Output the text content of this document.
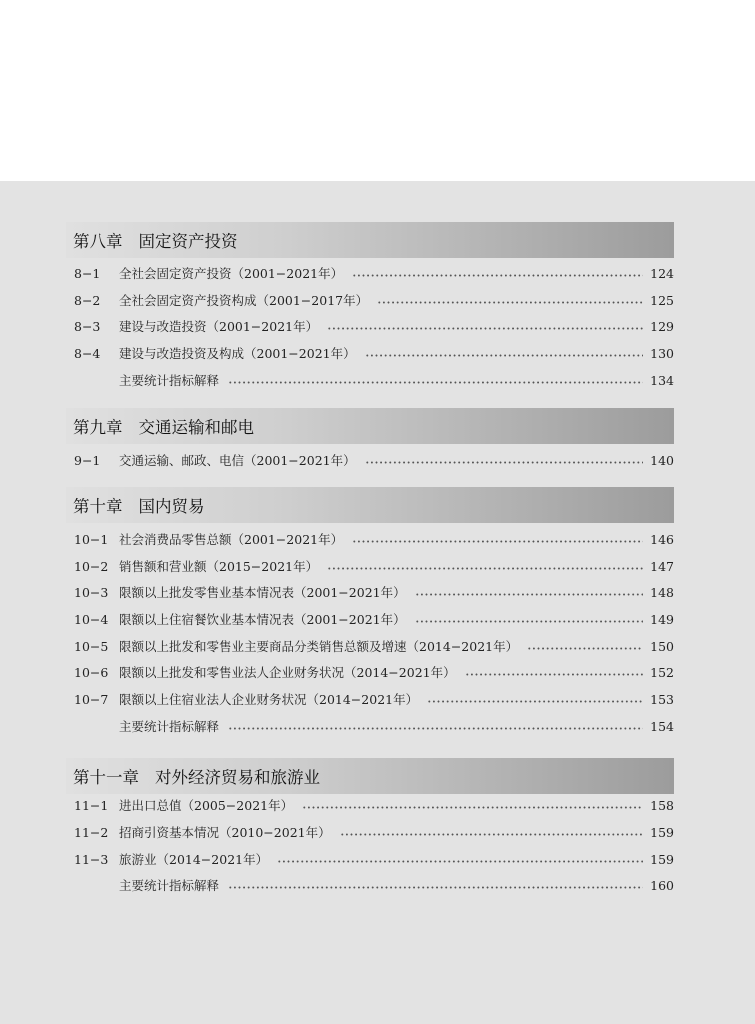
第八章 固定资产投资
8−1	全社会固定资产投资（2001−2021年）	124
8−2	全社会固定资产投资构成（2001−2017年）	125
8−3	建设与改造投资（2001−2021年）	129
8−4	建设与改造投资及构成（2001−2021年）	130
主要统计指标解释	134
第九章 交通运输和邮电
9−1	交通运输、邮政、电信（2001−2021年）	140
第十章 国内贸易
10−1 社会消费品零售总额（2001−2021年）	146
10−2 销售额和营业额（2015−2021年）	147
10−3 限额以上批发零售业基本情况表（2001−2021年）	148
10−4 限额以上住宿餐饮业基本情况表（2001−2021年）	149
10−5 限额以上批发和零售业主要商品分类销售总额及增速（2014−2021年）	150
10−6 限额以上批发和零售业法人企业财务状况（2014−2021年）	152
10−7 限额以上住宿业法人企业财务状况（2014−2021年）	153
主要统计指标解释	154
第十一章 对外经济贸易和旅游业
11−1 进出口总值（2005−2021年）	158
11−2 招商引资基本情况（2010−2021年）	159
11−3 旅游业（2014−2021年）	159
主要统计指标解释	160
